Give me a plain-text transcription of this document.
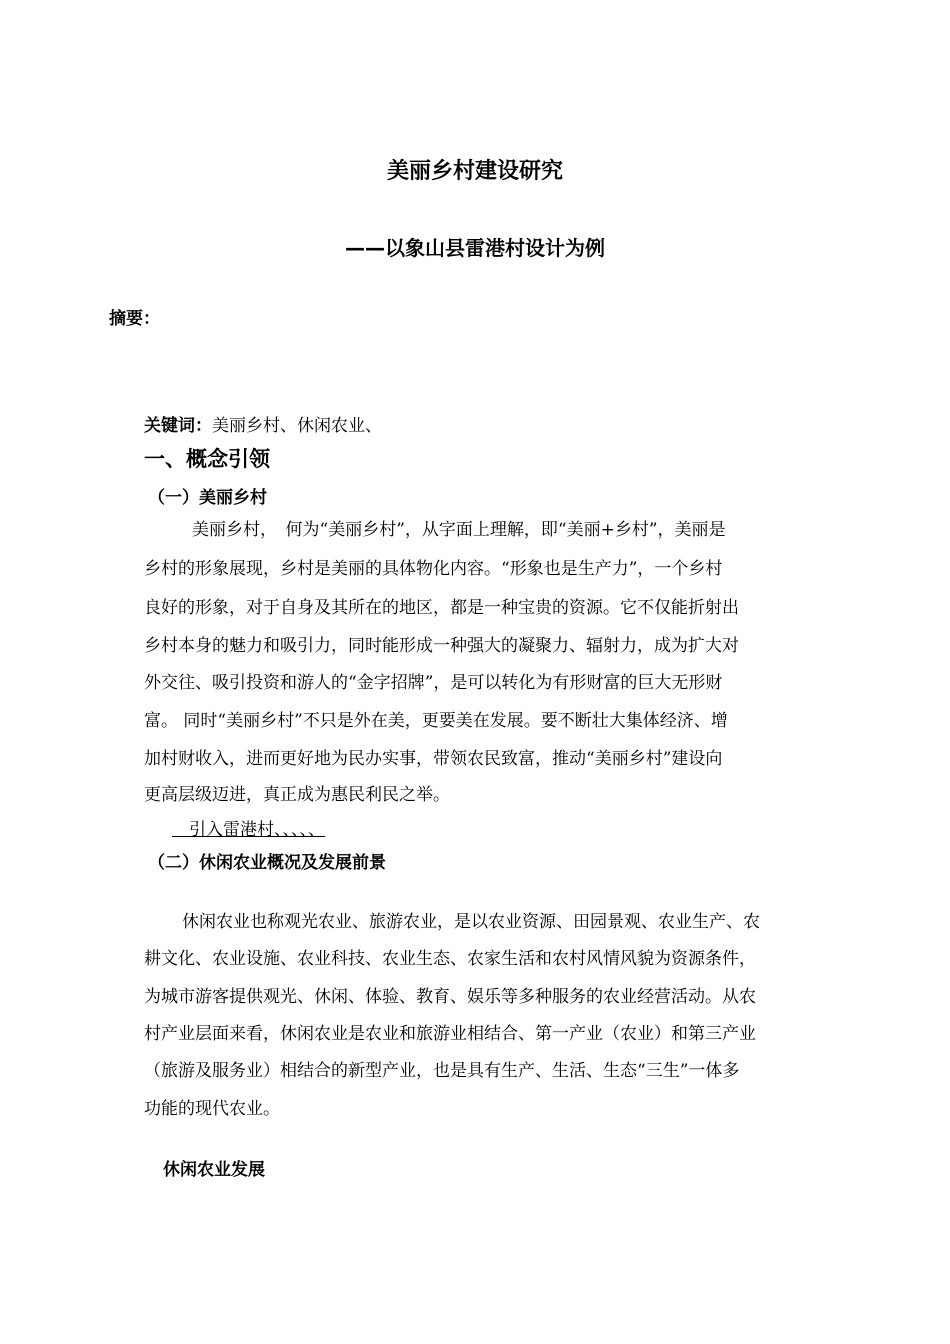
美丽乡村建设研究
——以象山县雷港村设计为例
摘要：
关键词：美丽乡村、休闲农业、
一、概念引领
（一）美丽乡村
美丽乡村，　何为“美丽乡村”，从字面上理解，即“美丽+乡村”，美丽是
乡村的形象展现，乡村是美丽的具体物化内容。“形象也是生产力”，一个乡村
良好的形象，对于自身及其所在的地区，都是一种宝贵的资源。它不仅能折射出
乡村本身的魅力和吸引力，同时能形成一种强大的凝聚力、辐射力，成为扩大对
外交往、吸引投资和游人的“金字招牌”，是可以转化为有形财富的巨大无形财
富。 同时“美丽乡村”不只是外在美，更要美在发展。要不断壮大集体经济、增
加村财收入，进而更好地为民办实事，带领农民致富，推动“美丽乡村”建设向
更高层级迈进，真正成为惠民利民之举。
　引入雷港村、、、、、
（二）休闲农业概况及发展前景
休闲农业也称观光农业、旅游农业，是以农业资源、田园景观、农业生产、农
耕文化、农业设施、农业科技、农业生态、农家生活和农村风情风貌为资源条件，
为城市游客提供观光、休闲、体验、教育、娱乐等多种服务的农业经营活动。从农
村产业层面来看，休闲农业是农业和旅游业相结合、第一产业（农业）和第三产业
（旅游及服务业）相结合的新型产业，也是具有生产、生活、生态“三生”一体多
功能的现代农业。
休闲农业发展
